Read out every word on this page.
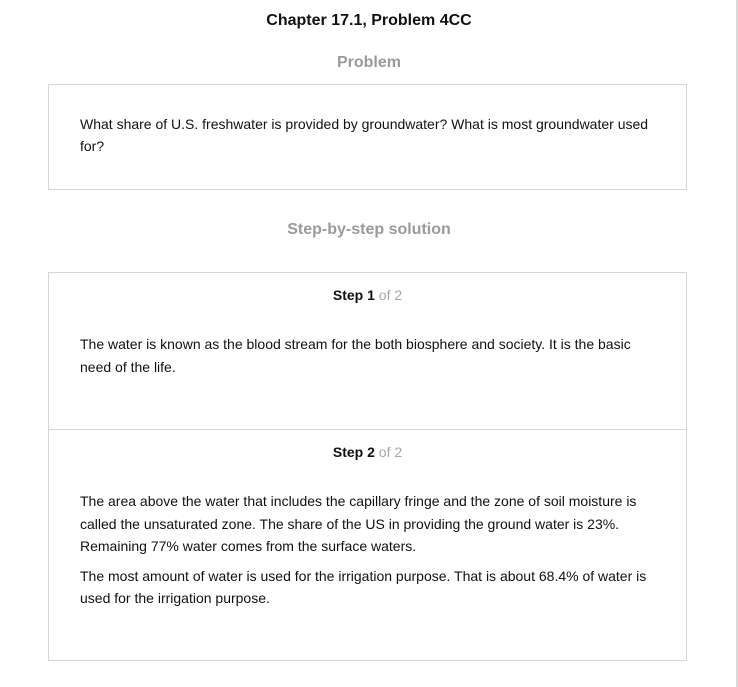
Chapter 17.1, Problem 4CC
Problem
What share of U.S. freshwater is provided by groundwater? What is most groundwater used for?
Step-by-step solution
Step 1 of 2

The water is known as the blood stream for the both biosphere and society. It is the basic need of the life.

Step 2 of 2

The area above the water that includes the capillary fringe and the zone of soil moisture is called the unsaturated zone. The share of the US in providing the ground water is 23%. Remaining 77% water comes from the surface waters.

The most amount of water is used for the irrigation purpose. That is about 68.4% of water is used for the irrigation purpose.
